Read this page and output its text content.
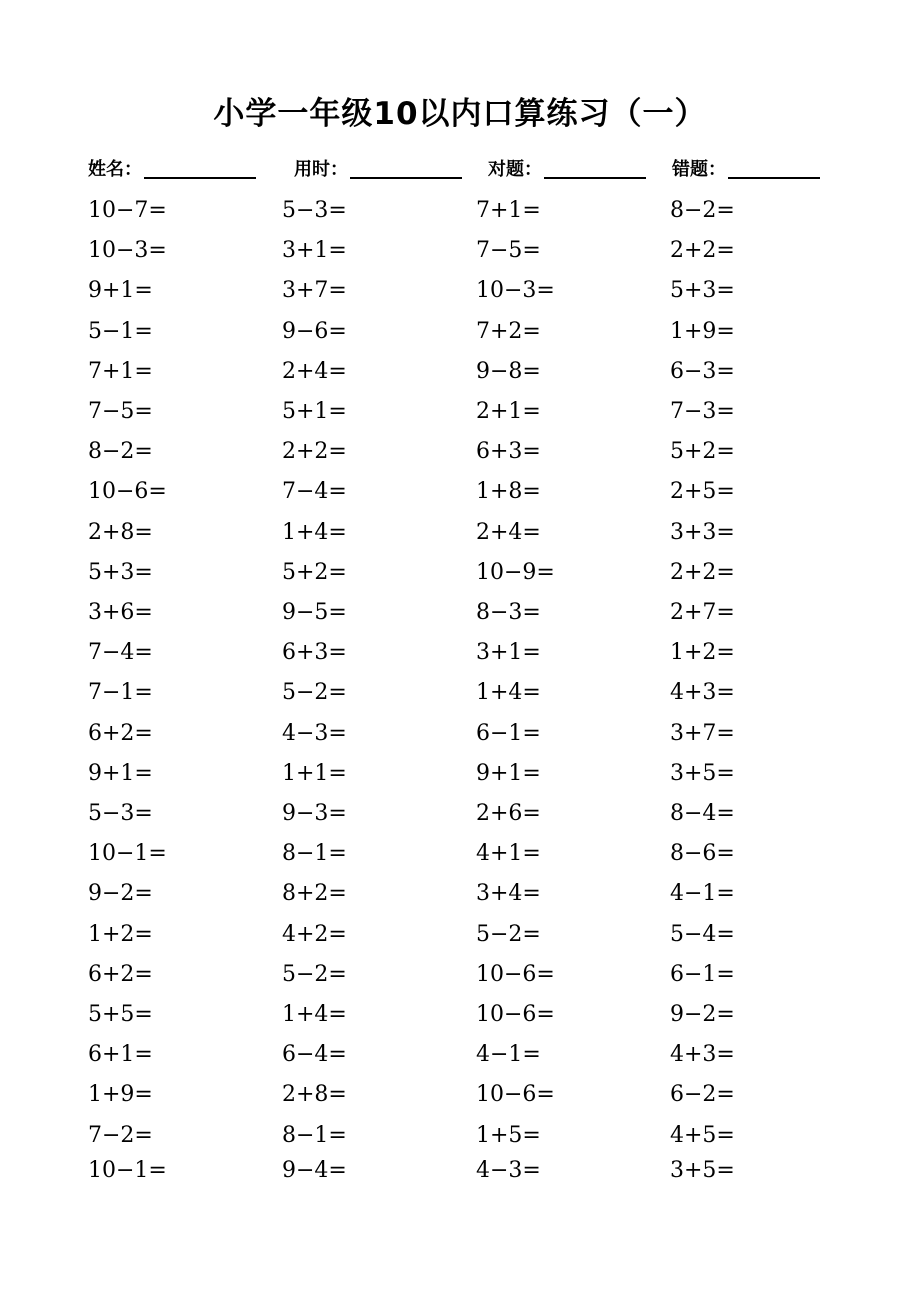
小学一年级10以内口算练习（一）
姓名：	用时：	对题：	错题：
10−7=	5−3=	7+1=	8−2=
10−3=	3+1=	7−5=	2+2=
9+1=	3+7=	10−3=	5+3=
5−1=	9−6=	7+2=	1+9=
7+1=	2+4=	9−8=	6−3=
7−5=	5+1=	2+1=	7−3=
8−2=	2+2=	6+3=	5+2=
10−6=	7−4=	1+8=	2+5=
2+8=	1+4=	2+4=	3+3=
5+3=	5+2=	10−9=	2+2=
3+6=	9−5=	8−3=	2+7=
7−4=	6+3=	3+1=	1+2=
7−1=	5−2=	1+4=	4+3=
6+2=	4−3=	6−1=	3+7=
9+1=	1+1=	9+1=	3+5=
5−3=	9−3=	2+6=	8−4=
10−1=	8−1=	4+1=	8−6=
9−2=	8+2=	3+4=	4−1=
1+2=	4+2=	5−2=	5−4=
6+2=	5−2=	10−6=	6−1=
5+5=	1+4=	10−6=	9−2=
6+1=	6−4=	4−1=	4+3=
1+9=	2+8=	10−6=	6−2=
7−2=	8−1=	1+5=	4+5=
10−1=	9−4=	4−3=	3+5=
